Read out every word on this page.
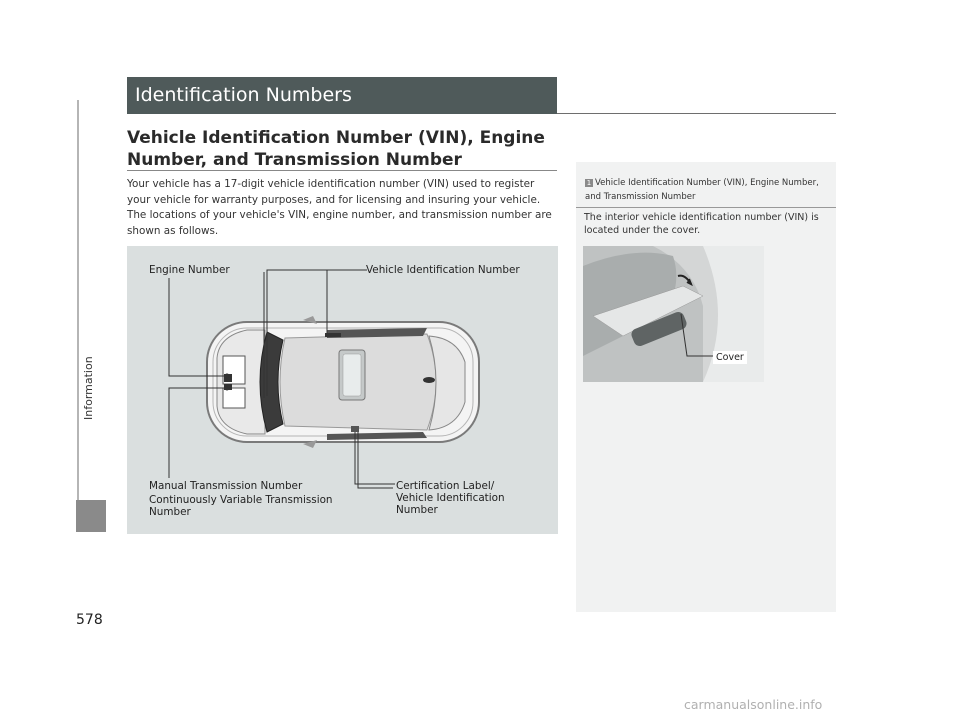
Information
578
Identification Numbers
Vehicle Identification Number (VIN), Engine Number, and Transmission Number

Your vehicle has a 17-digit vehicle identification number (VIN) used to register your vehicle for warranty purposes, and for licensing and insuring your vehicle.

The locations of your vehicle's VIN, engine number, and transmission number are shown as follows.

Engine Number	Vehicle Identification Number
Manual Transmission Number
Continuously Variable Transmission
Number
Certification Label/
Vehicle Identification
Number
1 Vehicle Identification Number (VIN), Engine Number, and Transmission Number
The interior vehicle identification number (VIN) is located under the cover.
Cover
carmanualsonline.info
